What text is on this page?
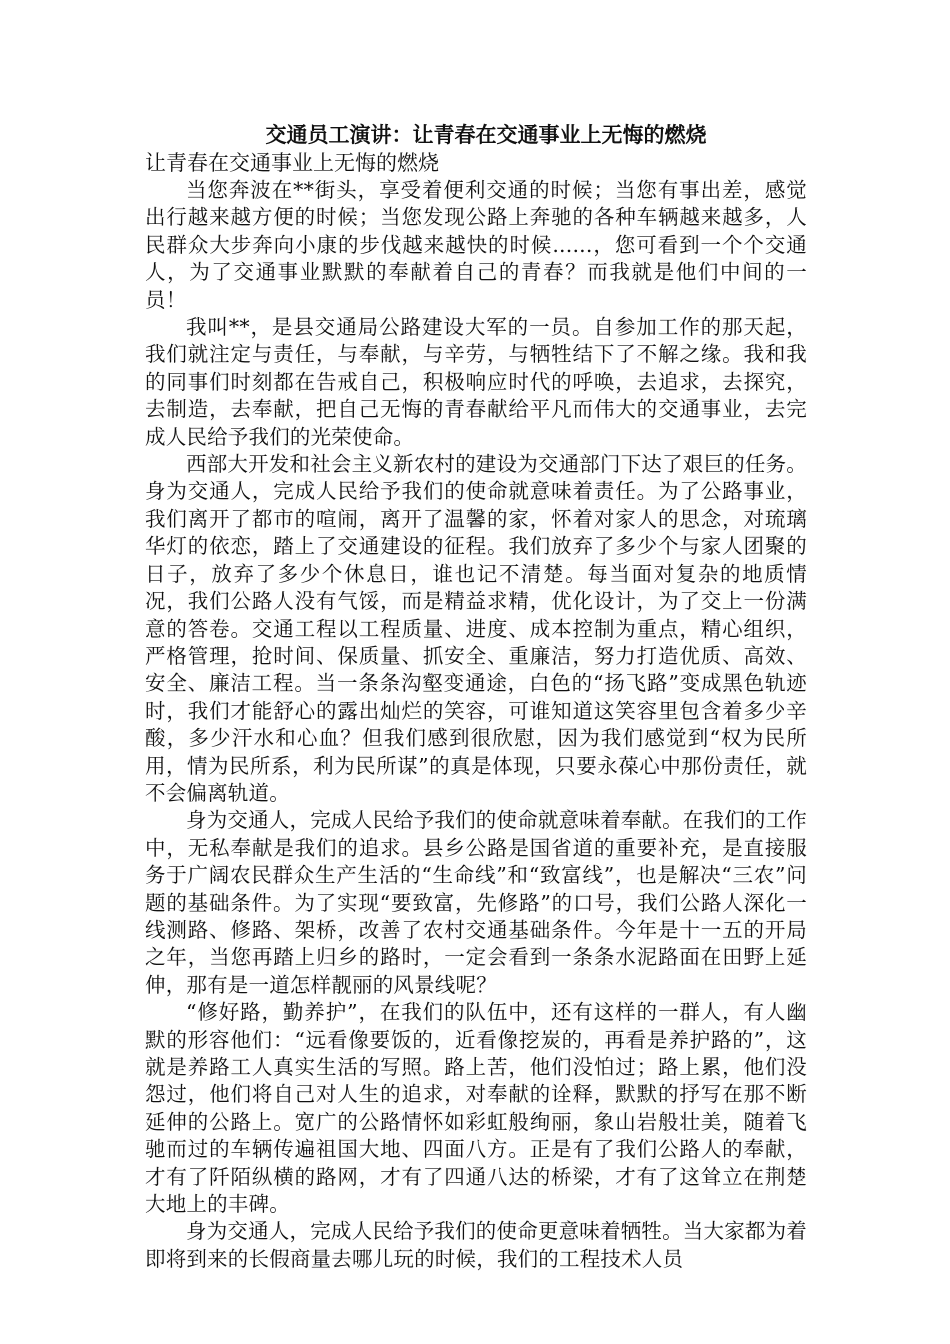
交通员工演讲：让青春在交通事业上无悔的燃烧

让青春在交通事业上无悔的燃烧

当您奔波在**街头，享受着便利交通的时候；当您有事出差，感觉出行越来越方便的时候；当您发现公路上奔驰的各种车辆越来越多，人民群众大步奔向小康的步伐越来越快的时候......，您可看到一个个交通人，为了交通事业默默的奉献着自己的青春？而我就是他们中间的一员！

我叫**，是县交通局公路建设大军的一员。自参加工作的那天起，我们就注定与责任，与奉献，与辛劳，与牺牲结下了不解之缘。我和我的同事们时刻都在告戒自己，积极响应时代的呼唤，去追求，去探究，去制造，去奉献，把自己无悔的青春献给平凡而伟大的交通事业，去完成人民给予我们的光荣使命。

西部大开发和社会主义新农村的建设为交通部门下达了艰巨的任务。身为交通人，完成人民给予我们的使命就意味着责任。为了公路事业，我们离开了都市的喧闹，离开了温馨的家，怀着对家人的思念，对琉璃华灯的依恋，踏上了交通建设的征程。我们放弃了多少个与家人团聚的日子，放弃了多少个休息日，谁也记不清楚。每当面对复杂的地质情况，我们公路人没有气馁，而是精益求精，优化设计，为了交上一份满意的答卷。交通工程以工程质量、进度、成本控制为重点，精心组织，严格管理，抢时间、保质量、抓安全、重廉洁，努力打造优质、高效、安全、廉洁工程。当一条条沟壑变通途，白色的“扬飞路”变成黑色轨迹时，我们才能舒心的露出灿烂的笑容，可谁知道这笑容里包含着多少辛酸，多少汗水和心血？但我们感到很欣慰，因为我们感觉到“权为民所用，情为民所系，利为民所谋”的真是体现，只要永葆心中那份责任，就不会偏离轨道。

身为交通人，完成人民给予我们的使命就意味着奉献。在我们的工作中，无私奉献是我们的追求。县乡公路是国省道的重要补充，是直接服务于广阔农民群众生产生活的“生命线”和“致富线”，也是解决“三农”问题的基础条件。为了实现“要致富，先修路”的口号，我们公路人深化一线测路、修路、架桥，改善了农村交通基础条件。今年是十一五的开局之年，当您再踏上归乡的路时，一定会看到一条条水泥路面在田野上延伸，那有是一道怎样靓丽的风景线呢？

“修好路，勤养护”，在我们的队伍中，还有这样的一群人，有人幽默的形容他们：“远看像要饭的，近看像挖炭的，再看是养护路的”，这就是养路工人真实生活的写照。路上苦，他们没怕过；路上累，他们没怨过，他们将自己对人生的追求，对奉献的诠释，默默的抒写在那不断延伸的公路上。宽广的公路情怀如彩虹般绚丽，象山岩般壮美，随着飞驰而过的车辆传遍祖国大地、四面八方。正是有了我们公路人的奉献，才有了阡陌纵横的路网，才有了四通八达的桥梁，才有了这耸立在荆楚大地上的丰碑。

身为交通人，完成人民给予我们的使命更意味着牺牲。当大家都为着即将到来的长假商量去哪儿玩的时候，我们的工程技术人员
